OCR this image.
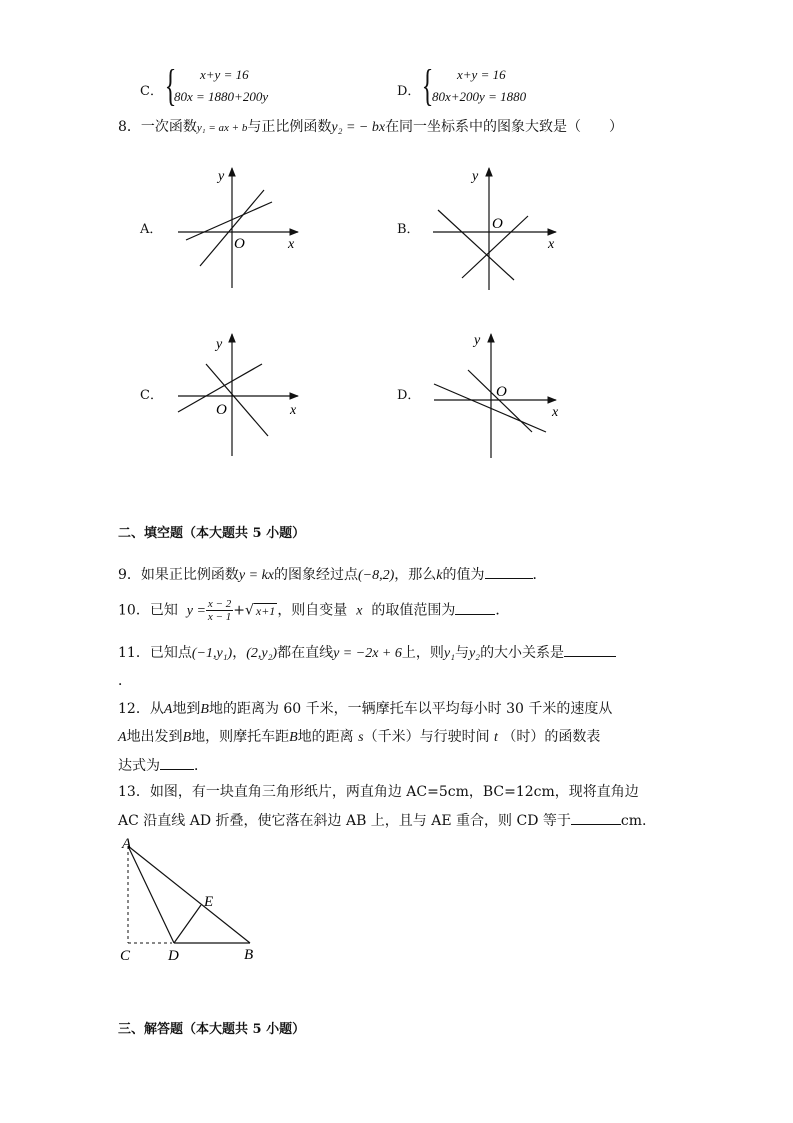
C． { x+y = 16
80x = 1880+200y	D． { x+y = 16
80x+200y = 1880
8．一次函数y₁ = ax + b与正比例函数y₂ = − bx在同一坐标系中的图象大致是（　　）
A．
y
O	x
B．
y
O
x
C．
y
O	x
D．
y
O
x
二、填空题（本大题共 5 小题）
9．如果正比例函数y = kx的图象经过点(−8,2)，那么k的值为	．
10．已知 $y = \frac{x - 2}{x - 1}$ +√ x+1 ，则自变量 x 的取值范围为	．
11．已知点(−1,y₁)，(2,y₂)都在直线y = −2x + 6上，则y₁与y₂的大小关系是
．
12．从A地到B地的距离为 60 千米，一辆摩托车以平均每小时 30 千米的速度从
A地出发到B地，则摩托车距B地的距离 s（千米）与行驶时间 t （时）的函数表
达式为 ．
13．如图，有一块直角三角形纸片，两直角边 AC=5cm，BC=12cm，现将直角边
AC 沿直线 AD 折叠，使它落在斜边 AB 上，且与 AE 重合，则 CD 等于	cm.
A
E
C	D	B
三、解答题（本大题共 5 小题）
